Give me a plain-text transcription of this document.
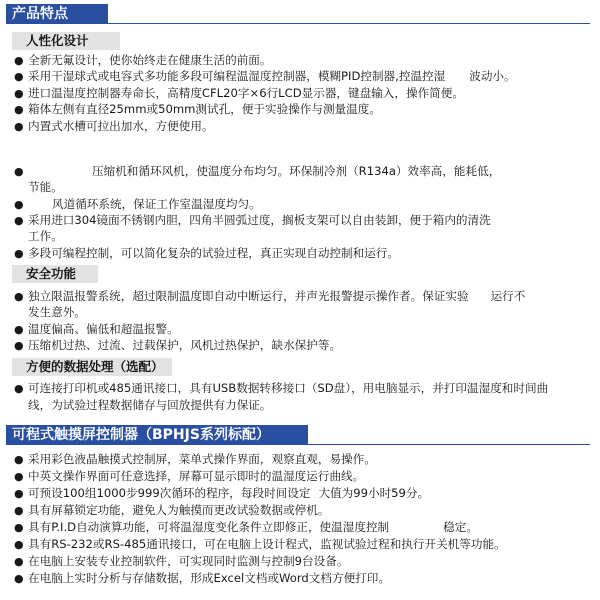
产品特点
人性化设计
● 全新无氟设计，使你始终走在健康生活的前面。
● 采用干湿球式或电容式多功能多段可编程温湿度控制器，模糊PID控制器,控温控湿 波动小。
● 进口温湿度控制器寿命长，高精度CFL20字×6行LCD显示器，键盘输入，操作简便。
● 箱体左侧有直径25mm或50mm测试孔，便于实验操作与测量温度。
● 内置式水槽可拉出加水，方便使用。
●	压缩机和循环风机，使温度分布均匀。环保制冷剂（R134a）效率高，能耗低，
节能。
● 风道循环系统，保证工作室温湿度均匀。
● 采用进口304镜面不锈钢内胆，四角半圆弧过度，搁板支架可以自由装卸，便于箱内的清洗
工作。
● 多段可编程控制，可以简化复杂的试验过程，真正实现自动控制和运行。
安全功能
● 独立限温报警系统，超过限制温度即自动中断运行，并声光报警提示操作者。保证实验 运行不
发生意外。
● 温度偏高、偏低和超温报警。
● 压缩机过热、过流、过载保护，风机过热保护，缺水保护等。
方便的数据处理（选配）
● 可连接打印机或485通讯接口，具有USB数据转移接口（SD盘），用电脑显示，并打印温湿度和时间曲
线，为试验过程数据储存与回放提供有力保证。
可程式触摸屏控制器（BPHJS系列标配）
● 采用彩色液晶触摸式控制屏，菜单式操作界面，观察直观，易操作。
● 中英文操作界面可任意选择，屏幕可显示即时的温湿度运行曲线。
● 可预设100组1000步999次循环的程序，每段时间设定 大值为99小时59分。
● 具有屏幕锁定功能，避免人为触摸而更改试验数据或停机。
● 具有P.I.D自动演算功能，可将温湿度变化条件立即修正，使温湿度控制	稳定。
● 具有RS-232或RS-485通讯接口，可在电脑上设计程式，监视试验过程和执行开关机等功能。
● 在电脑上安装专业控制软件，可实现同时监测与控制9台设备。
● 在电脑上实时分析与存储数据，形成Excel文档或Word文档方便打印。
